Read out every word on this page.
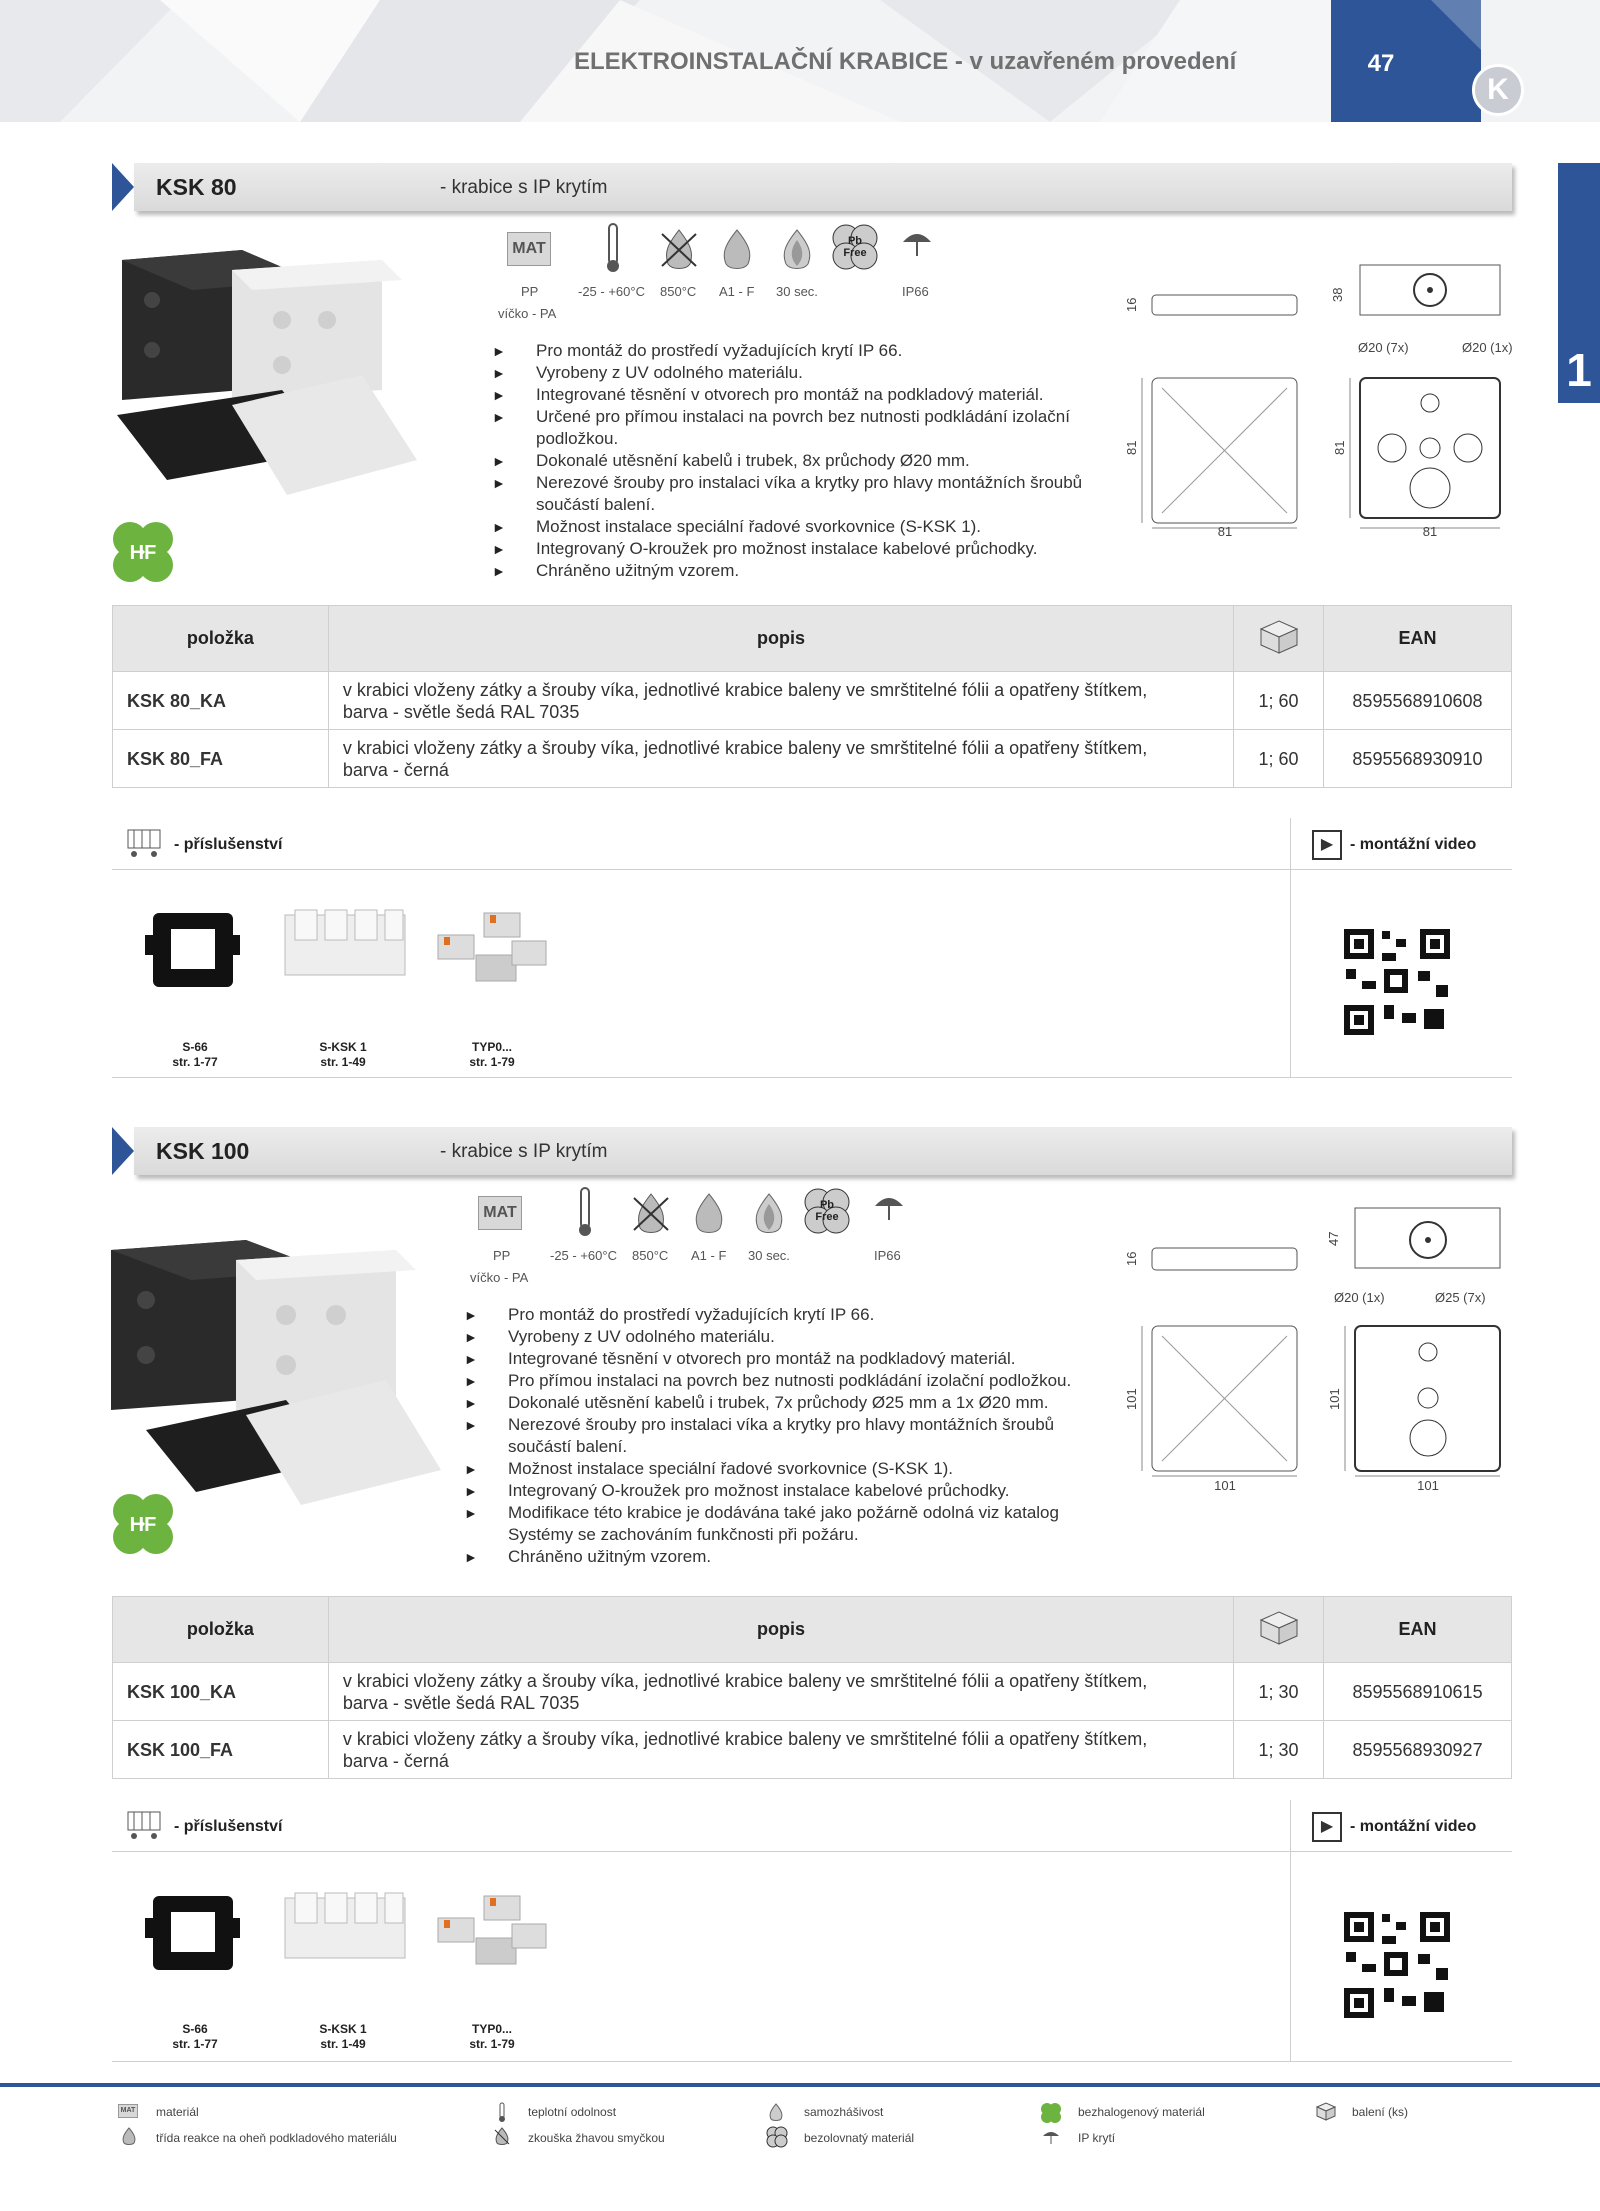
ELEKTROINSTALAČNÍ KRABICE - v uzavřeném provedení	47
K
1
KSK 80	- krabice s IP krytím
HF
MAT	Pb
Free
PP	-25 - +60°C 850°C A1 - F 30 sec.	IP66
víčko - PA
► Pro montáž do prostředí vyžadujících krytí IP 66.
► Vyrobeny z UV odolného materiálu.
► Integrované těsnění v otvorech pro montáž na podkladový materiál.
► Určené pro přímou instalaci na povrch bez nutnosti podkládání izolační podložkou.
► Dokonalé utěsnění kabelů i trubek, 8x průchody Ø20 mm.
► Nerezové šrouby pro instalaci víka a krytky pro hlavy montážních šroubů součástí balení.
► Možnost instalace speciální řadové svorkovnice (S-KSK 1).
► Integrovaný O-kroužek pro možnost instalace kabelové průchodky.
► Chráněno užitným vzorem.
16
38
81	81
81	81
Ø20 (7x)	Ø20 (1x)
položka	popis		EAN
KSK 80_KA	v krabici vloženy zátky a šrouby víka, jednotlivé krabice baleny ve smrštitelné fólii a opatřeny štítkem,
barva - světle šedá RAL 7035	1; 60	8595568910608
KSK 80_FA	v krabici vloženy zátky a šrouby víka, jednotlivé krabice baleny ve smrštitelné fólii a opatřeny štítkem,
barva - černá	1; 60	8595568930910
- příslušenství	▶	- montážní video
S-66
str. 1-77
S-KSK 1
str. 1-49
TYP0...
str. 1-79
KSK 100	- krabice s IP krytím
HF
MAT	Pb
Free
PP	-25 - +60°C 850°C A1 - F 30 sec.	IP66
víčko - PA
► Pro montáž do prostředí vyžadujících krytí IP 66.
► Vyrobeny z UV odolného materiálu.
► Integrované těsnění v otvorech pro montáž na podkladový materiál.
► Pro přímou instalaci na povrch bez nutnosti podkládání izolační podložkou.
► Dokonalé utěsnění kabelů i trubek, 7x průchody Ø25 mm a 1x Ø20 mm.
► Nerezové šrouby pro instalaci víka a krytky pro hlavy montážních šroubů součástí balení.
► Možnost instalace speciální řadové svorkovnice (S-KSK 1).
► Integrovaný O-kroužek pro možnost instalace kabelové průchodky.
► Modifikace této krabice je dodávána také jako požárně odolná viz katalog Systémy se zachováním funkčnosti při požáru.
► Chráněno užitným vzorem.
16
47
101	101
101	101
Ø20 (1x)	Ø25 (7x)
položka	popis		EAN
KSK 100_KA	v krabici vloženy zátky a šrouby víka, jednotlivé krabice baleny ve smrštitelné fólii a opatřeny štítkem,
barva - světle šedá RAL 7035	1; 30	8595568910615
KSK 100_FA	v krabici vloženy zátky a šrouby víka, jednotlivé krabice baleny ve smrštitelné fólii a opatřeny štítkem,
barva - černá	1; 30	8595568930927
- příslušenství	▶	- montážní video
S-66
str. 1-77
S-KSK 1
str. 1-49
TYP0...
str. 1-79
MAT materiál
třída reakce na oheň podkladového materiálu
teplotní odolnost
zkouška žhavou smyčkou
samozhášivost
bezolovnatý materiál
bezhalogenový materiál
IP krytí
balení (ks)
